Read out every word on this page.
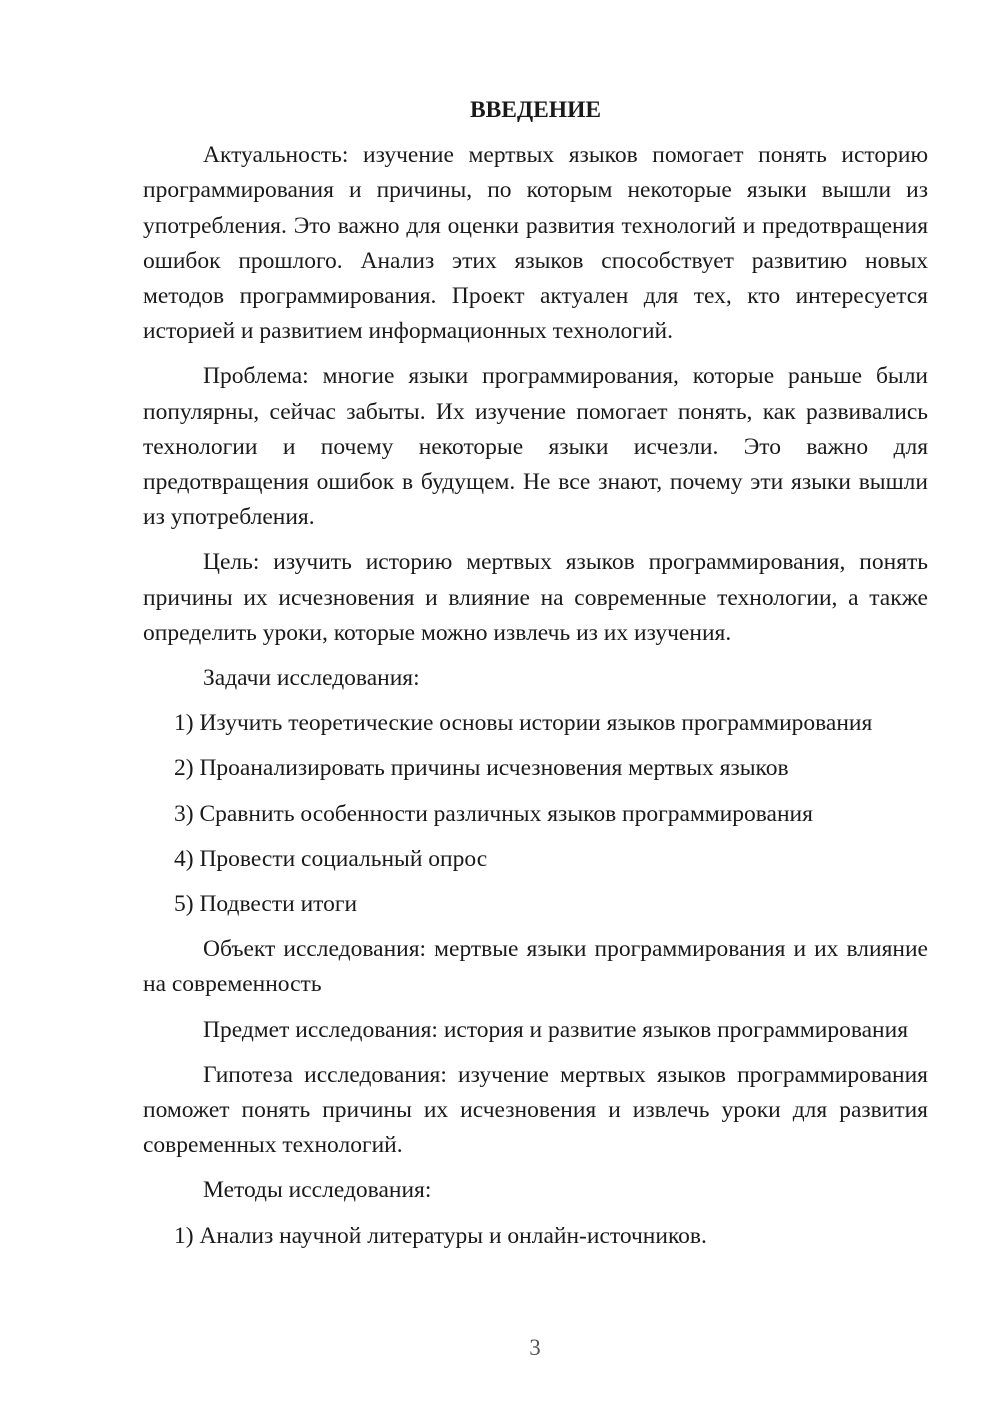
ВВЕДЕНИЕ

Актуальность: изучение мертвых языков помогает понять историю программирования и причины, по которым некоторые языки вышли из употребления. Это важно для оценки развития технологий и предотвращения ошибок прошлого. Анализ этих языков способствует развитию новых методов программирования. Проект актуален для тех, кто интересуется историей и развитием информационных технологий.

Проблема: многие языки программирования, которые раньше были популярны, сейчас забыты. Их изучение помогает понять, как развивались технологии и почему некоторые языки исчезли. Это важно для предотвращения ошибок в будущем. Не все знают, почему эти языки вышли из употребления.

Цель: изучить историю мертвых языков программирования, понять причины их исчезновения и влияние на современные технологии, а также определить уроки, которые можно извлечь из их изучения.

Задачи исследования:

1) Изучить теоретические основы истории языков программирования

2) Проанализировать причины исчезновения мертвых языков

3) Сравнить особенности различных языков программирования

4) Провести социальный опрос

5) Подвести итоги

Объект исследования: мертвые языки программирования и их влияние на современность

Предмет исследования: история и развитие языков программирования

Гипотеза исследования: изучение мертвых языков программирования поможет понять причины их исчезновения и извлечь уроки для развития современных технологий.

Методы исследования:

1) Анализ научной литературы и онлайн-источников.

3
